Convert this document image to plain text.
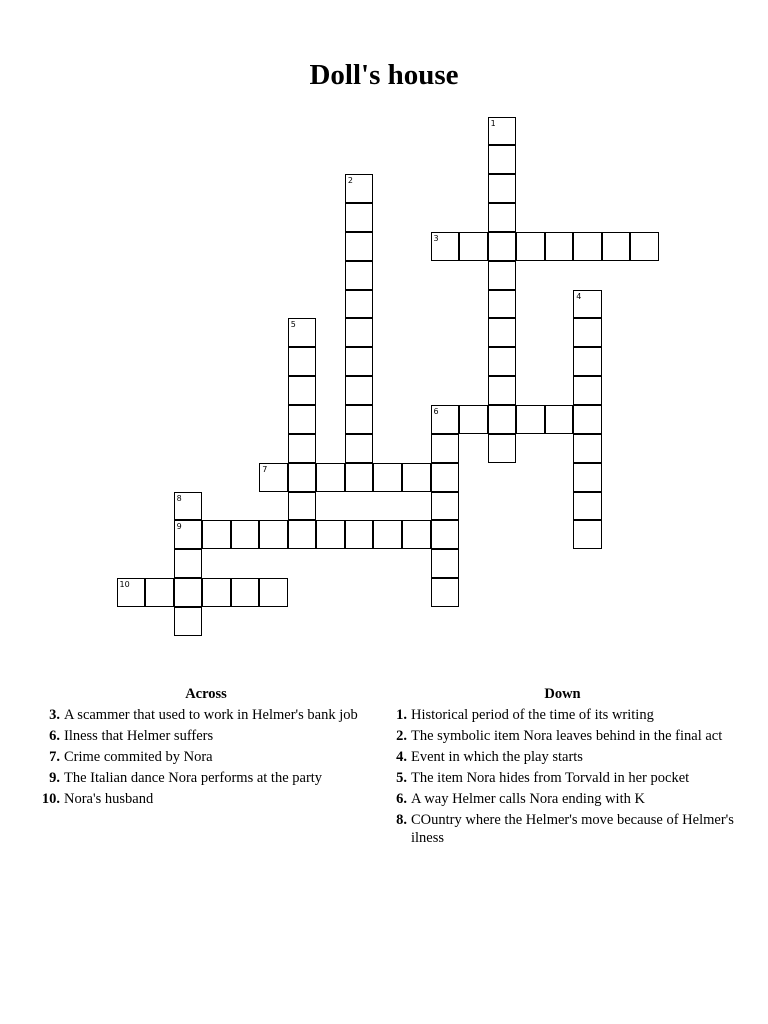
Doll's house
1
2
3
4
5
6
7
8
9
10
Across
3. A scammer that used to work in Helmer's bank job
6. Ilness that Helmer suffers
7. Crime commited by Nora
9. The Italian dance Nora performs at the party
10. Nora's husband
Down
1. Historical period of the time of its writing
2. The symbolic item Nora leaves behind in the final act
4. Event in which the play starts
5. The item Nora hides from Torvald in her pocket
6. A way Helmer calls Nora ending with K
8. COuntry where the Helmer's move because of Helmer's ilness
